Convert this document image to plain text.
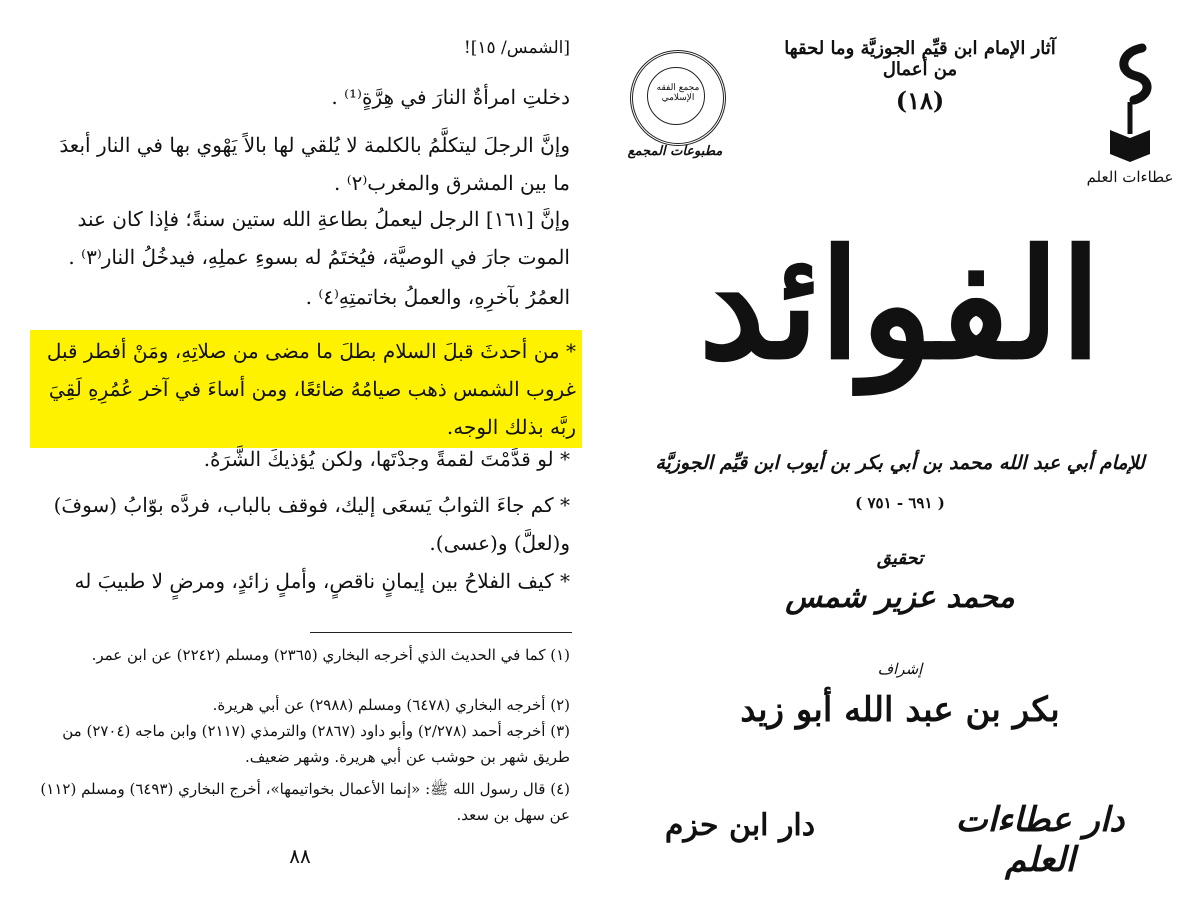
[الشمس/ ١٥]!
دخلتِ امرأةٌ النارَ في هِرَّةٍ⁽¹⁾ .
وإنَّ الرجلَ ليتكلَّمُ بالكلمة لا يُلقي لها بالاً يَهْوي بها في النار أبعدَ ما بين المشرق والمغرب⁽٢⁾ .
وإنَّ [١٦١] الرجل ليعملُ بطاعةِ الله ستين سنةً؛ فإذا كان عند الموت جارَ في الوصيَّة، فيُختَمُ له بسوءِ عملِهِ، فيدخُلُ النار⁽٣⁾ .
العمُرُ بآخرِهِ، والعملُ بخاتمتِهِ⁽٤⁾ .
* من أحدثَ قبلَ السلام بطلَ ما مضى من صلاتِهِ، ومَنْ أفطر قبل غروب الشمس ذهب صيامُهُ ضائعًا، ومن أساءَ في آخر عُمُرِهِ لَقِيَ ربَّه بذلك الوجه.
* لو قدَّمْتَ لقمةً وجدْتَها، ولكن يُؤذيكَ الشَّرَهُ.
* كم جاءَ الثوابُ يَسعَى إليك، فوقف بالباب، فردَّه بوّابُ (سوفَ) و(لعلَّ) و(عسى).
* كيف الفلاحُ بين إيمانٍ ناقصٍ، وأملٍ زائدٍ، ومرضٍ لا طبيبَ له
(١) كما في الحديث الذي أخرجه البخاري (٢٣٦٥) ومسلم (٢٢٤٢) عن ابن عمر.
(٢) أخرجه البخاري (٦٤٧٨) ومسلم (٢٩٨٨) عن أبي هريرة.
(٣) أخرجه أحمد (٢/٢٧٨) وأبو داود (٢٨٦٧) والترمذي (٢١١٧) وابن ماجه (٢٧٠٤) من طريق شهر بن حوشب عن أبي هريرة. وشهر ضعيف.
(٤) قال رسول الله ﷺ: «إنما الأعمال بخواتيمها»، أخرج البخاري (٦٤٩٣) ومسلم (١١٢) عن سهل بن سعد.
٨٨
مجمع الفقه الإسلامي
مطبوعات المجمع
آثار الإمام ابن قيِّم الجوزيَّة وما لحقها من أعمال
(١٨)
عطاءات العلم
الفوائد
للإمام أبي عبد الله محمد بن أبي بكر بن أيوب ابن قيِّم الجوزيَّة
( ٦٩١ - ٧٥١ )
تحقيق
محمد عزير شمس
إشراف
بكر بن عبد الله أبو زيد
دار عطاءات العلم
دار ابن حزم
